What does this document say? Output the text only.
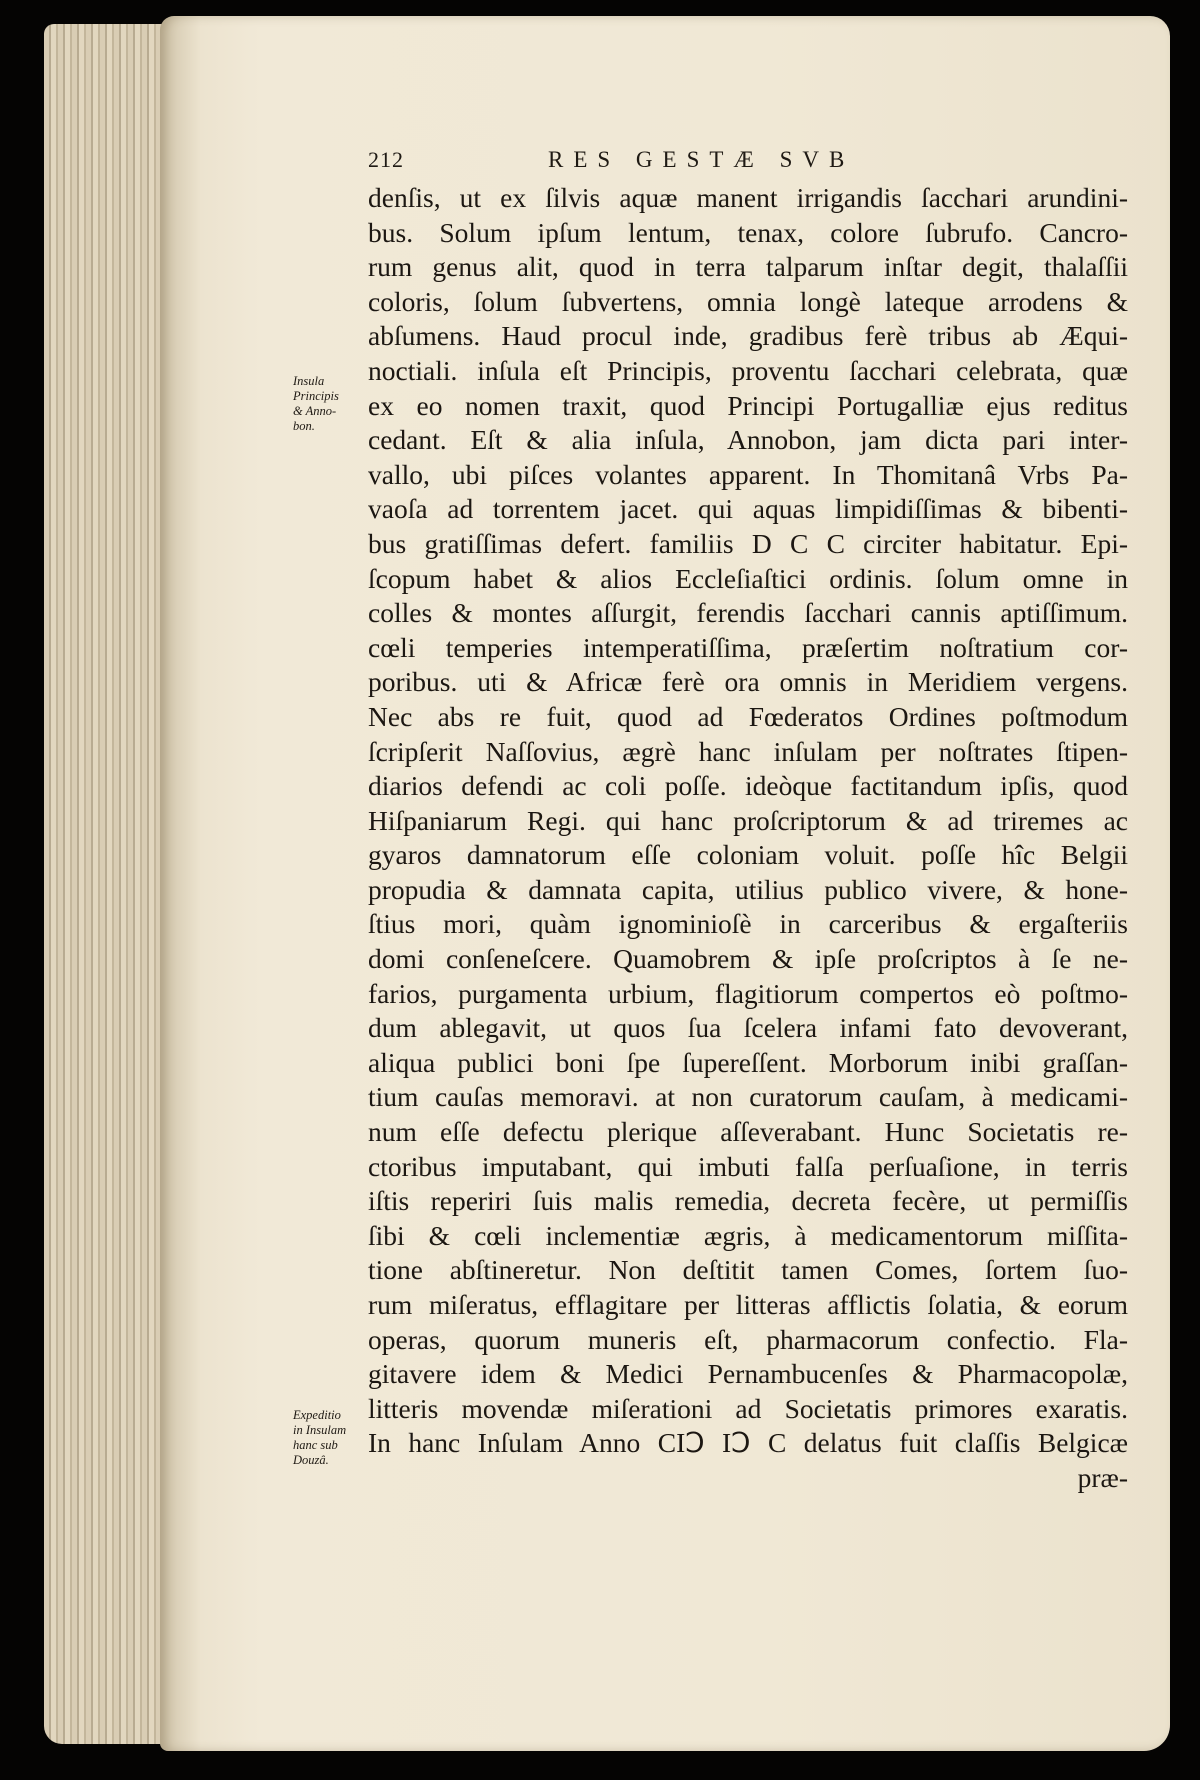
212	RES GESTÆ SVB
Insula
Principis
& Anno-
bon.
Expeditio
in Insulam
hanc sub
Douzâ.
denſis, ut ex ſilvis aquæ manent irrigandis ſacchari arundini-
bus. Solum ipſum lentum, tenax, colore ſubrufo. Cancro-
rum genus alit, quod in terra talparum inſtar degit, thalaſſii
coloris, ſolum ſubvertens, omnia longè lateque arrodens &
abſumens. Haud procul inde, gradibus ferè tribus ab Æqui-
noctiali. inſula eſt Principis, proventu ſacchari celebrata, quæ
ex eo nomen traxit, quod Principi Portugalliæ ejus reditus
cedant. Eſt & alia inſula, Annobon, jam dicta pari inter-
vallo, ubi piſces volantes apparent. In Thomitanâ Vrbs Pa-
vaoſa ad torrentem jacet. qui aquas limpidiſſimas & bibenti-
bus gratiſſimas defert. familiis D C C circiter habitatur. Epi-
ſcopum habet & alios Eccleſiaſtici ordinis. ſolum omne in
colles & montes aſſurgit, ferendis ſacchari cannis aptiſſimum.
cœli temperies intemperatiſſima, præſertim noſtratium cor-
poribus. uti & Africæ ferè ora omnis in Meridiem vergens.
Nec abs re fuit, quod ad Fœderatos Ordines poſtmodum
ſcripſerit Naſſovius, ægrè hanc inſulam per noſtrates ſtipen-
diarios defendi ac coli poſſe. ideòque factitandum ipſis, quod
Hiſpaniarum Regi. qui hanc proſcriptorum & ad triremes ac
gyaros damnatorum eſſe coloniam voluit. poſſe hîc Belgii
propudia & damnata capita, utilius publico vivere, & hone-
ſtius mori, quàm ignominioſè in carceribus & ergaſteriis
domi conſeneſcere. Quamobrem & ipſe proſcriptos à ſe ne-
farios, purgamenta urbium, flagitiorum compertos eò poſtmo-
dum ablegavit, ut quos ſua ſcelera infami fato devoverant,
aliqua publici boni ſpe ſupereſſent. Morborum inibi graſſan-
tium cauſas memoravi. at non curatorum cauſam, à medicami-
num eſſe defectu plerique aſſeverabant. Hunc Societatis re-
ctoribus imputabant, qui imbuti falſa perſuaſione, in terris
iſtis reperiri ſuis malis remedia, decreta fecère, ut permiſſis
ſibi & cœli inclementiæ ægris, à medicamentorum miſſita-
tione abſtineretur. Non deſtitit tamen Comes, ſortem ſuo-
rum miſeratus, efflagitare per litteras afflictis ſolatia, & eorum
operas, quorum muneris eſt, pharmacorum confectio. Fla-
gitavere idem & Medici Pernambucenſes & Pharmacopolæ,
litteris movendæ miſerationi ad Societatis primores exaratis.
In hanc Inſulam Anno CIↃ IↃ C delatus fuit claſſis Belgicæ
præ-
